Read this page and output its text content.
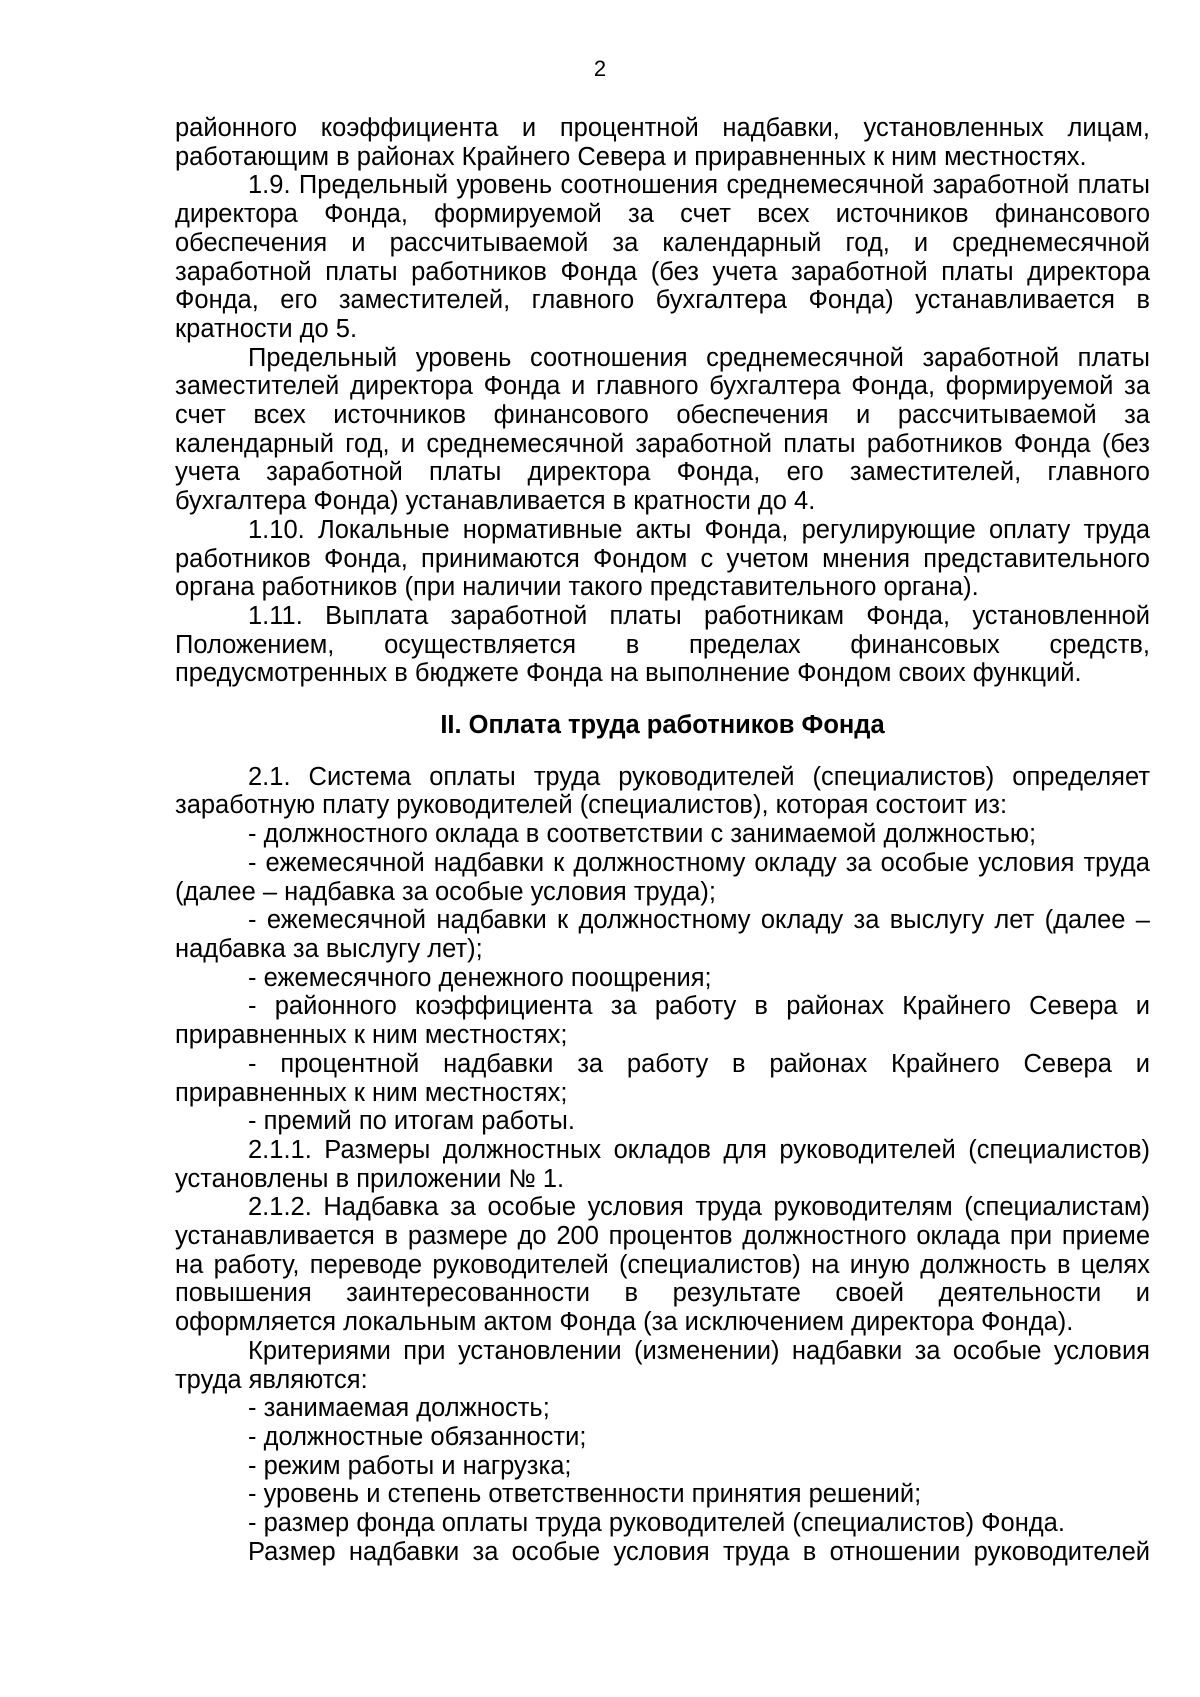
2

районного коэффициента и процентной надбавки, установленных лицам, работающим в районах Крайнего Севера и приравненных к ним местностях.

1.9. Предельный уровень соотношения среднемесячной заработной платы директора Фонда, формируемой за счет всех источников финансового обеспечения и рассчитываемой за календарный год, и среднемесячной заработной платы работников Фонда (без учета заработной платы директора Фонда, его заместителей, главного бухгалтера Фонда) устанавливается в кратности до 5.

Предельный уровень соотношения среднемесячной заработной платы заместителей директора Фонда и главного бухгалтера Фонда, формируемой за счет всех источников финансового обеспечения и рассчитываемой за календарный год, и среднемесячной заработной платы работников Фонда (без учета заработной платы директора Фонда, его заместителей, главного бухгалтера Фонда) устанавливается в кратности до 4.

1.10. Локальные нормативные акты Фонда, регулирующие оплату труда работников Фонда, принимаются Фондом с учетом мнения представительного органа работников (при наличии такого представительного органа).

1.11. Выплата заработной платы работникам Фонда, установленной Положением, осуществляется в пределах финансовых средств, предусмотренных в бюджете Фонда на выполнение Фондом своих функций.

II. Оплата труда работников Фонда

2.1. Система оплаты труда руководителей (специалистов) определяет заработную плату руководителей (специалистов), которая состоит из:

- должностного оклада в соответствии с занимаемой должностью;

- ежемесячной надбавки к должностному окладу за особые условия труда (далее – надбавка за особые условия труда);

- ежемесячной надбавки к должностному окладу за выслугу лет (далее – надбавка за выслугу лет);

- ежемесячного денежного поощрения;

- районного коэффициента за работу в районах Крайнего Севера и приравненных к ним местностях;

- процентной надбавки за работу в районах Крайнего Севера и приравненных к ним местностях;

- премий по итогам работы.

2.1.1. Размеры должностных окладов для руководителей (специалистов) установлены в приложении № 1.

2.1.2. Надбавка за особые условия труда руководителям (специалистам) устанавливается в размере до 200 процентов должностного оклада при приеме на работу, переводе руководителей (специалистов) на иную должность в целях повышения заинтересованности в результате своей деятельности и оформляется локальным актом Фонда (за исключением директора Фонда).

Критериями при установлении (изменении) надбавки за особые условия труда являются:

- занимаемая должность;

- должностные обязанности;

- режим работы и нагрузка;

- уровень и степень ответственности принятия решений;

- размер фонда оплаты труда руководителей (специалистов) Фонда.

Размер надбавки за особые условия труда в отношении руководителей
